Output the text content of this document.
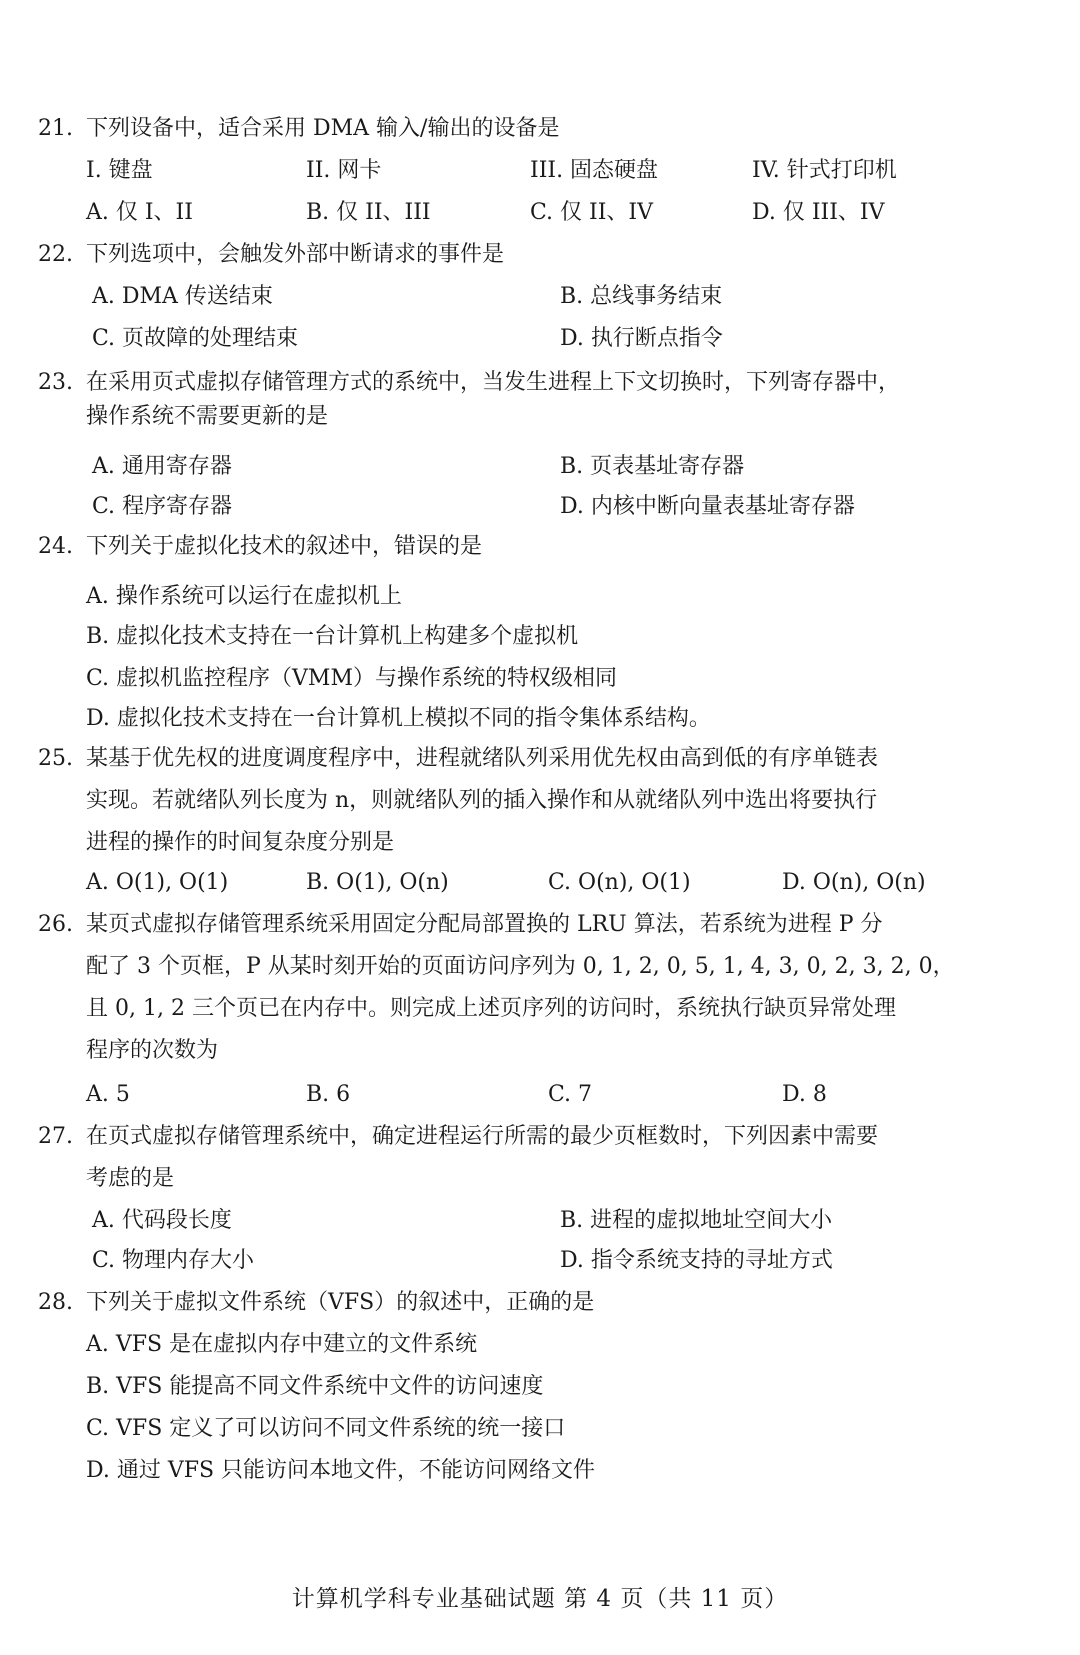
21. 下列设备中，适合采用 DMA 输入/输出的设备是
I. 键盘	II. 网卡	III. 固态硬盘	IV. 针式打印机
A. 仅 I、II	B. 仅 II、III	C. 仅 II、IV	D. 仅 III、IV
22. 下列选项中，会触发外部中断请求的事件是
A. DMA 传送结束	B. 总线事务结束
C. 页故障的处理结束	D. 执行断点指令
23. 在采用页式虚拟存储管理方式的系统中，当发生进程上下文切换时，下列寄存器中，
操作系统不需要更新的是
A. 通用寄存器	B. 页表基址寄存器
C. 程序寄存器	D. 内核中断向量表基址寄存器
24. 下列关于虚拟化技术的叙述中，错误的是
A. 操作系统可以运行在虚拟机上
B. 虚拟化技术支持在一台计算机上构建多个虚拟机
C. 虚拟机监控程序（VMM）与操作系统的特权级相同
D. 虚拟化技术支持在一台计算机上模拟不同的指令集体系结构。
25. 某基于优先权的进度调度程序中，进程就绪队列采用优先权由高到低的有序单链表
实现。若就绪队列长度为 n，则就绪队列的插入操作和从就绪队列中选出将要执行
进程的操作的时间复杂度分别是
A. O(1), O(1)	B. O(1), O(n)	C. O(n), O(1)	D. O(n), O(n)
26. 某页式虚拟存储管理系统采用固定分配局部置换的 LRU 算法，若系统为进程 P 分
配了 3 个页框，P 从某时刻开始的页面访问序列为 0, 1, 2, 0, 5, 1, 4, 3, 0, 2, 3, 2, 0，
且 0, 1, 2 三个页已在内存中。则完成上述页序列的访问时，系统执行缺页异常处理
程序的次数为
A. 5	B. 6	C. 7	D. 8
27. 在页式虚拟存储管理系统中，确定进程运行所需的最少页框数时，下列因素中需要
考虑的是
A. 代码段长度	B. 进程的虚拟地址空间大小
C. 物理内存大小	D. 指令系统支持的寻址方式
28. 下列关于虚拟文件系统（VFS）的叙述中，正确的是
A. VFS 是在虚拟内存中建立的文件系统
B. VFS 能提高不同文件系统中文件的访问速度
C. VFS 定义了可以访问不同文件系统的统一接口
D. 通过 VFS 只能访问本地文件，不能访问网络文件
计算机学科专业基础试题 第 4 页（共 11 页）
